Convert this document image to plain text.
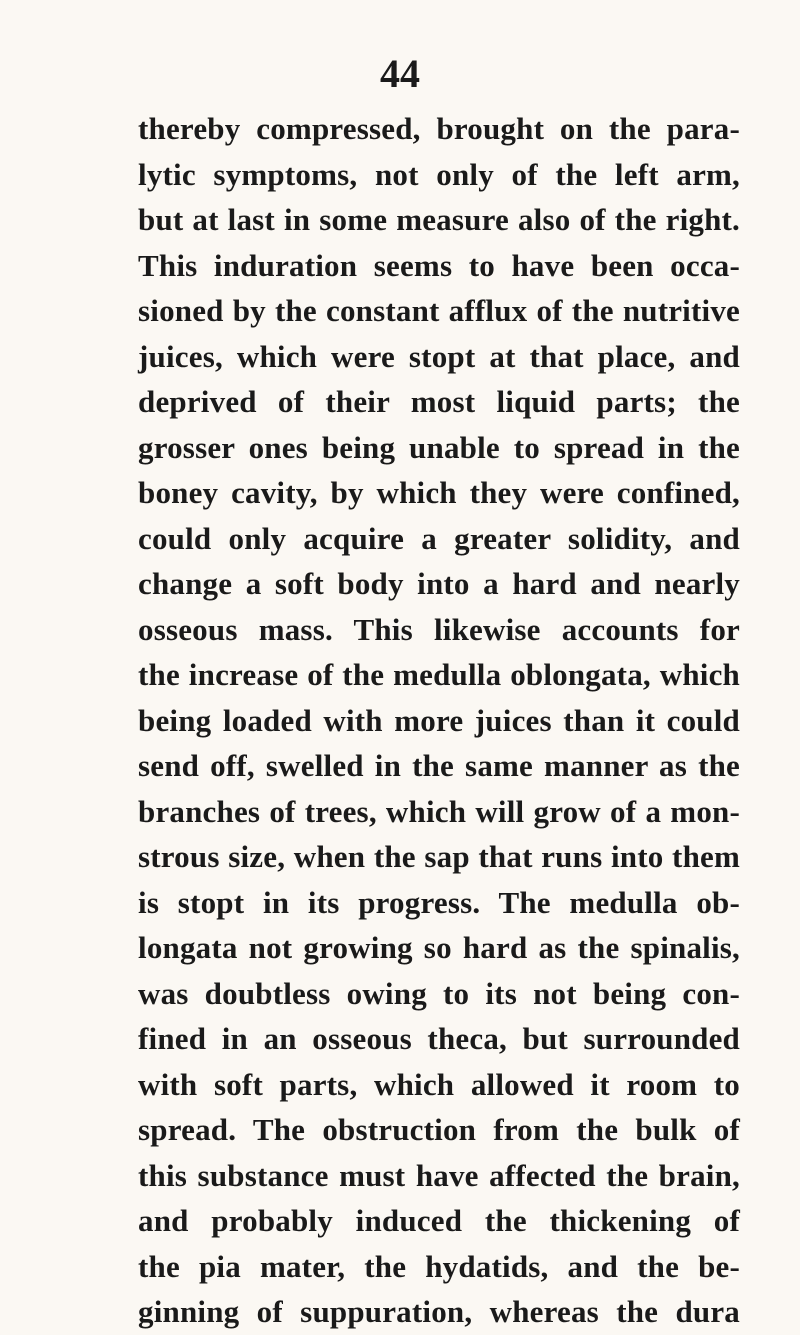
44
thereby compressed, brought on the para-
lytic symptoms, not only of the left arm,
but at last in some measure also of the right.
This induration seems to have been occa-
sioned by the constant afflux of the nutritive
juices, which were stopt at that place, and
deprived of their most liquid parts; the
grosser ones being unable to spread in the
boney cavity, by which they were confined,
could only acquire a greater solidity, and
change a soft body into a hard and nearly
osseous mass. This likewise accounts for
the increase of the medulla oblongata, which
being loaded with more juices than it could
send off, swelled in the same manner as the
branches of trees, which will grow of a mon-
strous size, when the sap that runs into them
is stopt in its progress. The medulla ob-
longata not growing so hard as the spinalis,
was doubtless owing to its not being con-
fined in an osseous theca, but surrounded
with soft parts, which allowed it room to
spread. The obstruction from the bulk of
this substance must have affected the brain,
and probably induced the thickening of
the pia mater, the hydatids, and the be-
ginning of suppuration, whereas the dura
